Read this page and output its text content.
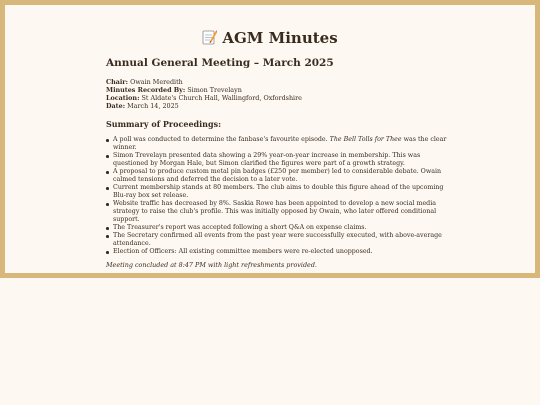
AGM Minutes
Annual General Meeting – March 2025
Chair: Owain Meredith
Minutes Recorded By: Simon Trevelayn
Location: St Aldate's Church Hall, Wallingford, Oxfordshire
Date: March 14, 2025
Summary of Proceedings:
A poll was conducted to determine the fanbase's favourite episode. The Bell Tolls for Thee was the clear winner.
Simon Trevelayn presented data showing a 29% year-on-year increase in membership. This was questioned by Morgan Hale, but Simon clarified the figures were part of a growth strategy.
A proposal to produce custom metal pin badges (£250 per member) led to considerable debate. Owain calmed tensions and deferred the decision to a later vote.
Current membership stands at 80 members. The club aims to double this figure ahead of the upcoming Blu-ray box set release.
Website traffic has decreased by 8%. Saskia Rowe has been appointed to develop a new social media strategy to raise the club's profile. This was initially opposed by Owain, who later offered conditional support.
The Treasurer's report was accepted following a short Q&A on expense claims.
The Secretary confirmed all events from the past year were successfully executed, with above-average attendance.
Election of Officers: All existing committee members were re-elected unopposed.
Meeting concluded at 8:47 PM with light refreshments provided.
